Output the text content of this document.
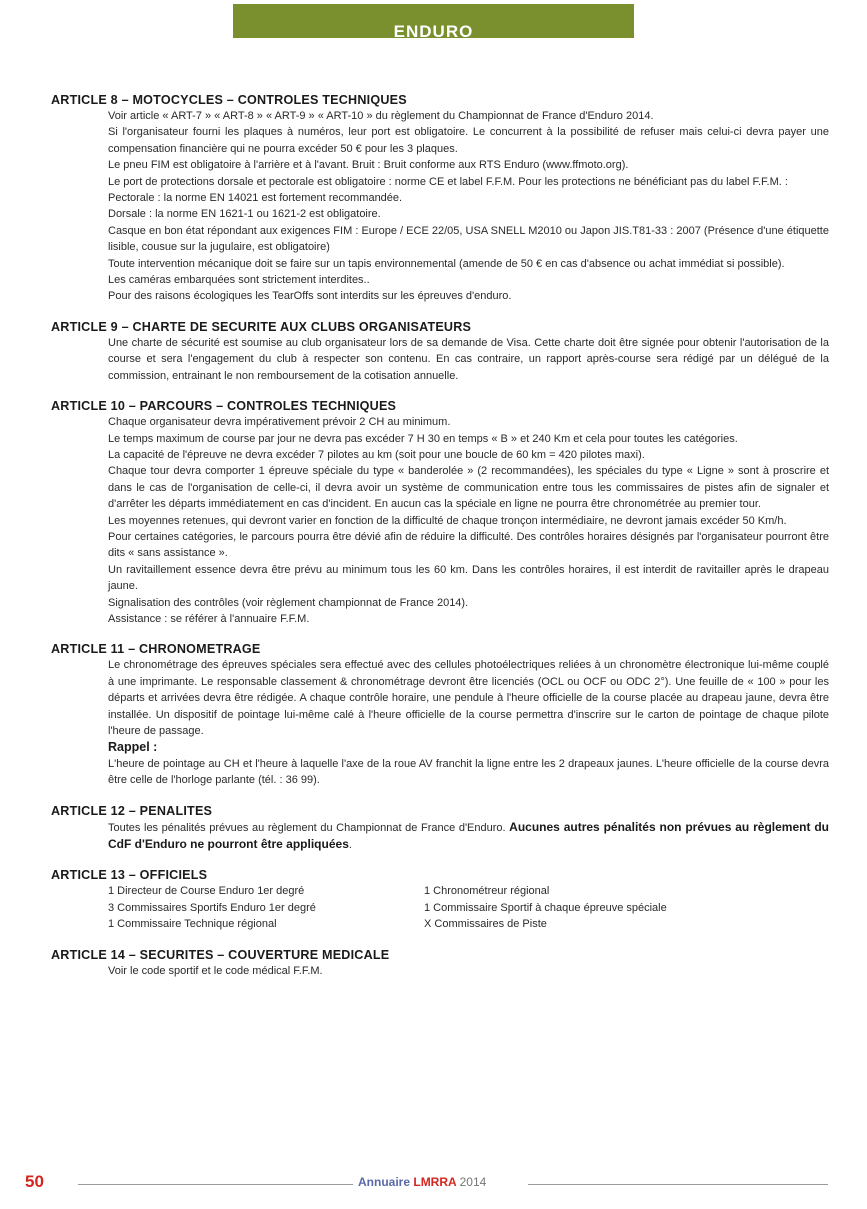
ENDURO
ARTICLE 8 – MOTOCYCLES – CONTROLES TECHNIQUES

Voir article « ART-7 » « ART-8 » « ART-9 » « ART-10 » du règlement du Championnat de France d'Enduro 2014.

Si l'organisateur fourni les plaques à numéros, leur port est obligatoire. Le concurrent à la possibilité de refuser mais celui-ci devra payer une compensation financière qui ne pourra excéder 50 € pour les 3 plaques.

Le pneu FIM est obligatoire à l'arrière et à l'avant. Bruit : Bruit conforme aux RTS Enduro (www.ffmoto.org).

Le port de protections dorsale et pectorale est obligatoire : norme CE et label F.F.M. Pour les protections ne bénéficiant pas du label F.F.M. :

Pectorale : la norme EN 14021 est fortement recommandée.

Dorsale : la norme EN 1621-1 ou 1621-2 est obligatoire.

Casque en bon état répondant aux exigences FIM : Europe / ECE 22/05, USA SNELL M2010 ou Japon JIS.T81-33 : 2007 (Présence d'une étiquette lisible, cousue sur la jugulaire, est obligatoire)

Toute intervention mécanique doit se faire sur un tapis environnemental (amende de 50 € en cas d'absence ou achat immédiat si possible).

Les caméras embarquées sont strictement interdites..

Pour des raisons écologiques les TearOffs sont interdits sur les épreuves d'enduro.

ARTICLE 9 – CHARTE DE SECURITE AUX CLUBS ORGANISATEURS

Une charte de sécurité est soumise au club organisateur lors de sa demande de Visa. Cette charte doit être signée pour obtenir l'autorisation de la course et sera l'engagement du club à respecter son contenu. En cas contraire, un rapport après-course sera rédigé par un délégué de la commission, entrainant le non remboursement de la cotisation annuelle.

ARTICLE 10 – PARCOURS – CONTROLES TECHNIQUES

Chaque organisateur devra impérativement prévoir 2 CH au minimum.

Le temps maximum de course par jour ne devra pas excéder 7 H 30 en temps « B » et 240 Km et cela pour toutes les catégories.

La capacité de l'épreuve ne devra excéder 7 pilotes au km (soit pour une boucle de 60 km = 420 pilotes maxi).

Chaque tour devra comporter 1 épreuve spéciale du type « banderolée » (2 recommandées), les spéciales du type « Ligne » sont à proscrire et dans le cas de l'organisation de celle-ci, il devra avoir un système de communication entre tous les commissaires de pistes afin de signaler et d'arrêter les départs immédiatement en cas d'incident. En aucun cas la spéciale en ligne ne pourra être chronométrée au premier tour.

Les moyennes retenues, qui devront varier en fonction de la difficulté de chaque tronçon intermédiaire, ne devront jamais excéder 50 Km/h.

Pour certaines catégories, le parcours pourra être dévié afin de réduire la difficulté. Des contrôles horaires désignés par l'organisateur pourront être dits « sans assistance ».

Un ravitaillement essence devra être prévu au minimum tous les 60 km. Dans les contrôles horaires, il est interdit de ravitailler après le drapeau jaune.

Signalisation des contrôles (voir règlement championnat de France 2014).

Assistance : se référer à l'annuaire F.F.M.

ARTICLE 11 – CHRONOMETRAGE

Le chronométrage des épreuves spéciales sera effectué avec des cellules photoélectriques reliées à un chronomètre électronique lui-même couplé à une imprimante. Le responsable classement & chronométrage devront être licenciés (OCL ou OCF ou ODC 2°). Une feuille de « 100 » pour les départs et arrivées devra être rédigée. A chaque contrôle horaire, une pendule à l'heure officielle de la course placée au drapeau jaune, devra être installée. Un dispositif de pointage lui-même calé à l'heure officielle de la course permettra d'inscrire sur le carton de pointage de chaque pilote l'heure de passage.

Rappel :

L'heure de pointage au CH et l'heure à laquelle l'axe de la roue AV franchit la ligne entre les 2 drapeaux jaunes. L'heure officielle de la course devra être celle de l'horloge parlante (tél. : 36 99).

ARTICLE 12 – PENALITES

Toutes les pénalités prévues au règlement du Championnat de France d'Enduro. Aucunes autres pénalités non prévues au règlement du CdF d'Enduro ne pourront être appliquées.

ARTICLE 13 – OFFICIELS
1 Directeur de Course Enduro 1er degré	1 Chronométreur régional
3 Commissaires Sportifs Enduro 1er degré	1 Commissaire Sportif à chaque épreuve spéciale
1 Commissaire Technique régional	X Commissaires de Piste
ARTICLE 14 – SECURITES – COUVERTURE MEDICALE

Voir le code sportif et le code médical F.F.M.

50	Annuaire LMRRA 2014
